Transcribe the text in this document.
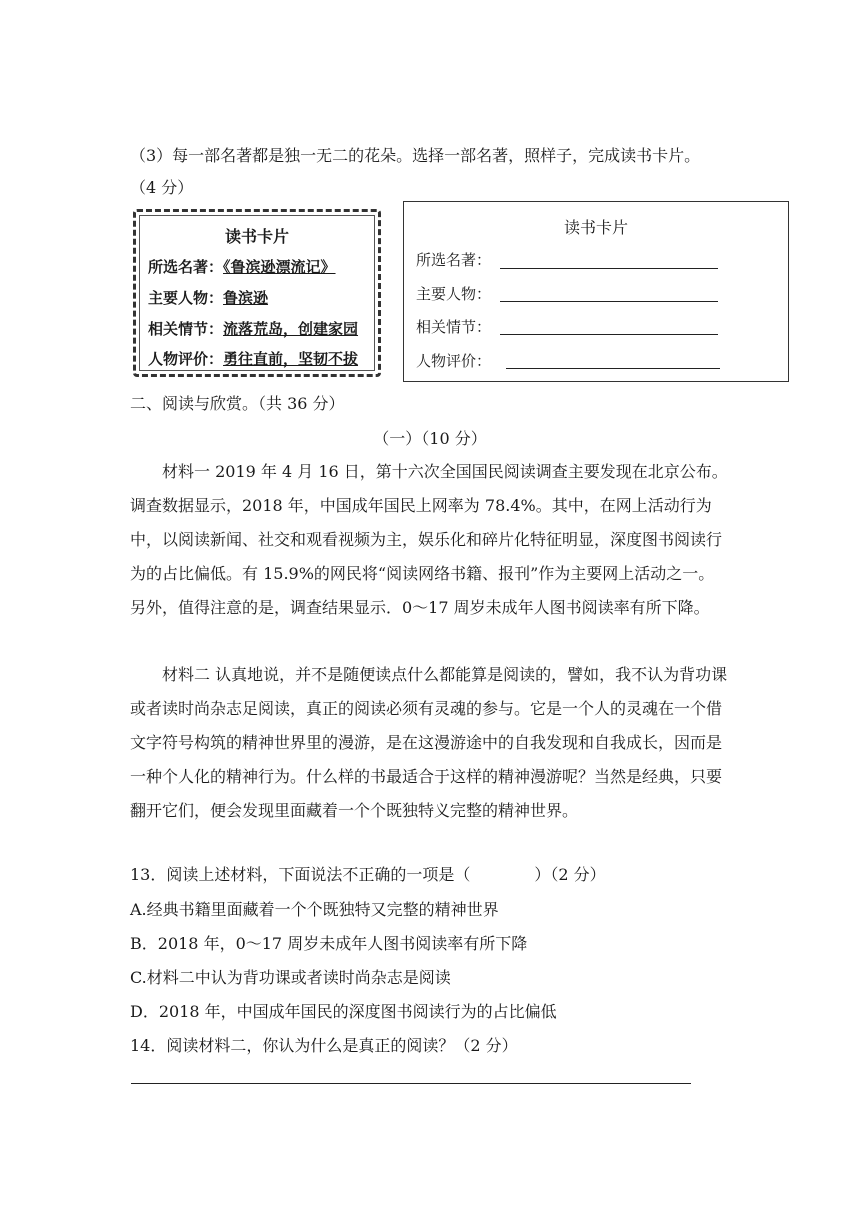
（3）每一部名著都是独一无二的花朵。选择一部名著，照样子，完成读书卡片。
（4 分）
读书卡片
所选名著：《鲁滨逊漂流记》
主要人物：鲁滨逊
相关情节：流落荒岛，创建家园
人物评价：勇往直前，坚韧不拔
读书卡片
所选名著：
主要人物：
相关情节：
人物评价：
二、阅读与欣赏。（共 36 分）
（一）（10 分）
材料一 2019 年 4 月 16 日，第十六次全国国民阅读调查主要发现在北京公布。调查数据显示，2018 年，中国成年国民上网率为 78.4%。其中，在网上活动行为中，以阅读新闻、社交和观看视频为主，娱乐化和碎片化特征明显，深度图书阅读行为的占比偏低。有 15.9%的网民将“阅读网络书籍、报刊”作为主要网上活动之一。另外，值得注意的是，调查结果显示．0～17 周岁未成年人图书阅读率有所下降。
材料二 认真地说，并不是随便读点什么都能算是阅读的，譬如，我不认为背功课或者读时尚杂志足阅读，真正的阅读必须有灵魂的参与。它是一个人的灵魂在一个借文字符号构筑的精神世界里的漫游，是在这漫游途中的自我发现和自我成长，因而是一种个人化的精神行为。什么样的书最适合于这样的精神漫游呢？当然是经典，只要翻开它们，便会发现里面藏着一个个既独特义完整的精神世界。
13．阅读上述材料，下面说法不正确的一项是（　　　　）（2 分）
A.经典书籍里面藏着一个个既独特又完整的精神世界
B．2018 年，0～17 周岁未成年人图书阅读率有所下降
C.材料二中认为背功课或者读时尚杂志是阅读
D．2018 年，中国成年国民的深度图书阅读行为的占比偏低
14．阅读材料二，你认为什么是真正的阅读？（2 分）
